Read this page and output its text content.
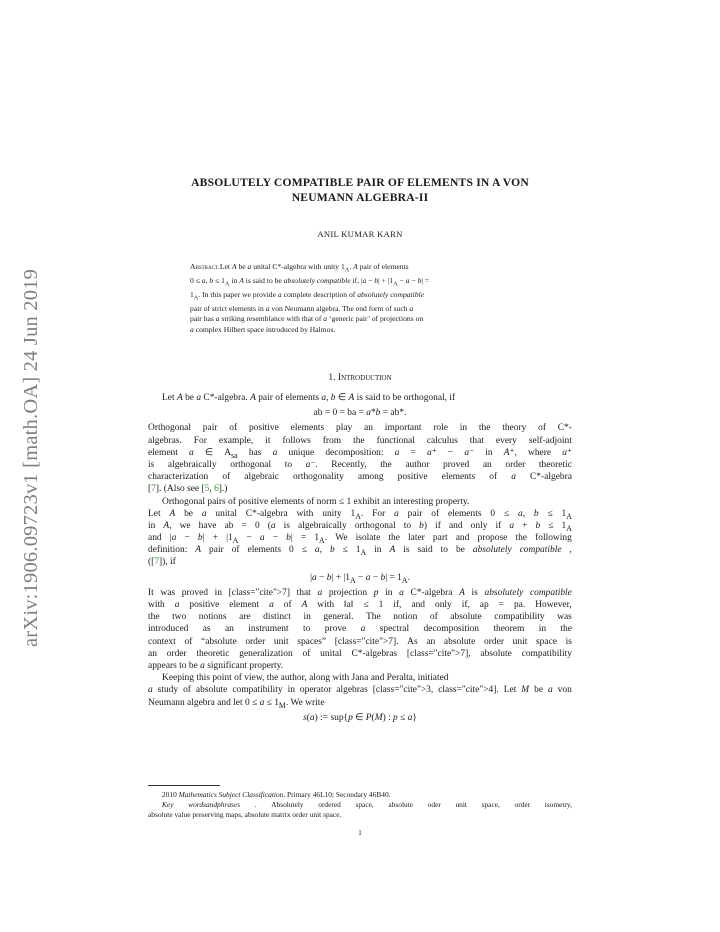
arXiv:1906.09723v1 [math.OA] 24 Jun 2019
ABSOLUTELY COMPATIBLE PAIR OF ELEMENTS IN A VON
NEUMANN ALGEBRA-II
ANIL KUMAR KARN
Abstract.Let A be a unital C*-algebra with unity $1_A$. A pair of elements
0 ≤ a, $b \le 1_A$ in A is said to be absolutely compatible if, $|a - b| + |1_A - a - b|$ =
$1_A$. In this paper we provide a complete description of absolutely compatible
pair of strict elements in a von Neumann algebra. The end form of such a
pair has a striking resemblance with that of a ‘generic pair’ of projections on
a complex Hilbert space introduced by Halmos.
1. Introduction
Let A be a C*-algebra. A pair of elements a, b ∈ A is said to be orthogonal, if
ab = 0 = ba = a*b = ab*.
Orthogonal pair of positive elements play an important role in the theory of C*-
algebras. For example, it follows from the functional calculus that every self-adjoint
element a ∈ $A_{sa}$ has a unique decomposition: a = a⁺ − a⁻ in A⁺, where a⁺
is algebraically orthogonal to a⁻. Recently, the author proved an order theoretic
characterization of algebraic orthogonality among positive elements of a C*-algebra
[7]. (Also see [5, 6].)
Orthogonal pairs of positive elements of norm ≤ 1 exhibit an interesting property.
Let A be a unital C*-algebra with unity $1_A$. For a pair of elements 0 ≤ a, $b \le 1_A$
in A, we have ab = 0 (a is algebraically orthogonal to b) if and only if $a + b \le 1_A$
and $|a - b| + |1_A - a - b| = 1_A$. We isolate the later part and propose the following
definition: A pair of elements 0 ≤ a, $b \le 1_A$ in A is said to be absolutely compatible ,
([7]), if
$|a - b| + |1_A - a - b| = 1_A$.
It was proved in [class="cite">7] that a projection p in a C*-algebra A is absolutely compatible
with a positive element a of A with ‖a‖ ≤ 1 if, and only if, ap = pa. However,
the two notions are distinct in general. The notion of absolute compatibility was
introduced as an instrument to prove a spectral decomposition theorem in the
context of “absolute order unit spaces” [class="cite">7]. As an absolute order unit space is
an order theoretic generalization of unital C*-algebras [class="cite">7], absolute compatibility
appears to be a significant property.
Keeping this point of view, the author, along with Jana and Peralta, initiated
a study of absolute compatibility in operator algebras [class="cite">3, class="cite">4]. Let M be a von
Neumann algebra and let $0 \le a \le 1_M$. We write
s(a) := sup{p ∈ P(M) : p ≤ a}
2010 Mathematics Subject Classification. Primary 46L10; Secondary 46B40.
Key wordsandphrases . Absolutely ordered space, absolute oder unit space, order isometry,
absolute value preserving maps, absolute matrix order unit space.
1
